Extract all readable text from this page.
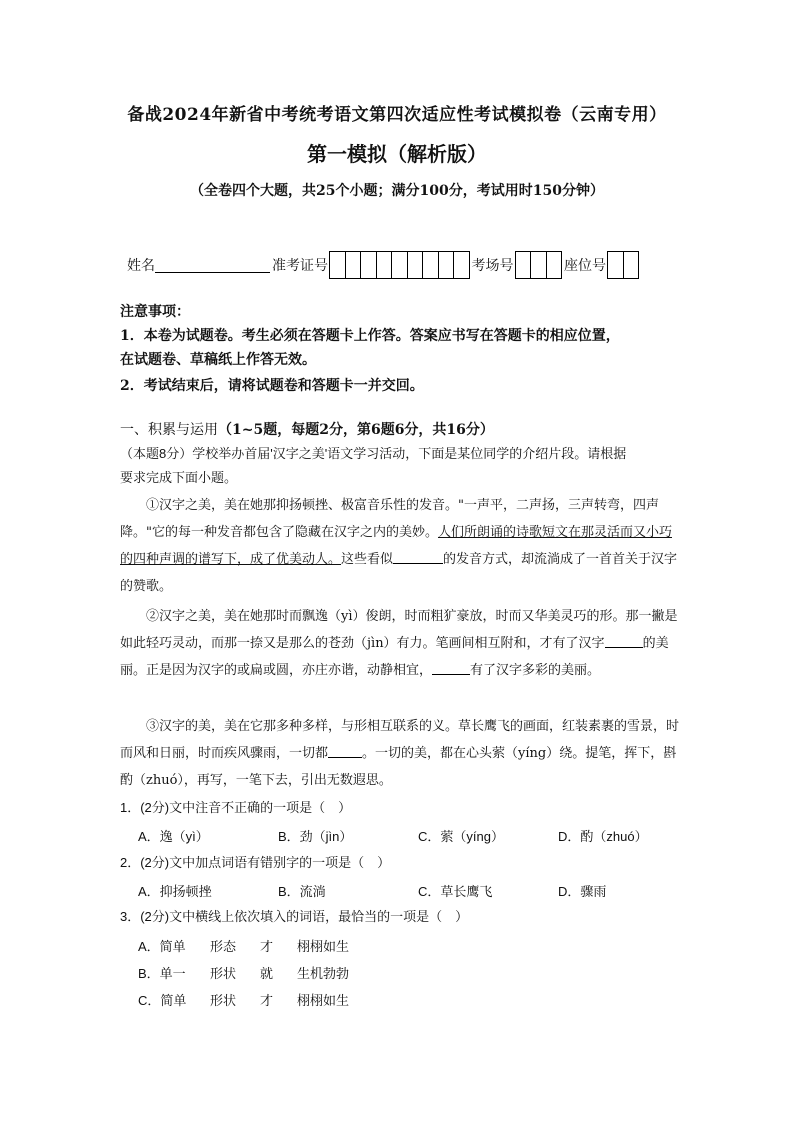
备战2024年新省中考统考语文第四次适应性考试模拟卷（云南专用）
第一模拟（解析版）
（全卷四个大题，共25个小题；满分100分，考试用时150分钟）
姓名	准考证号	考场号	座位号
注意事项：
1．本卷为试题卷。考生必须在答题卡上作答。答案应书写在答题卡的相应位置，
在试题卷、草稿纸上作答无效。
2．考试结束后，请将试题卷和答题卡一并交回。
一、积累与运用（1~5题，每题2分，第6题6分，共16分）
（本题8分）学校举办首届'汉字之美'语文学习活动，下面是某位同学的介绍片段。请根据
要求完成下面小题。
①汉字之美，美在她那抑扬顿挫、极富音乐性的发音。"一声平，二声扬，三声转弯，四声降。"它的每一种发音都包含了隐藏在汉字之内的美妙。人们所朗诵的诗歌短文在那灵活而又小巧的四种声调的谱写下，成了优美动人。这些看似	的发音方式，却流淌成了一首首关于汉字的赞歌。
②汉字之美，美在她那时而飘逸（yì）俊朗，时而粗犷豪放，时而又华美灵巧的形。那一撇是如此轻巧灵动，而那一捺又是那么的苍劲（jìn）有力。笔画间相互附和，才有了汉字	的美丽。正是因为汉字的或扁或圆，亦庄亦谐，动静相宜，	有了汉字多彩的美丽。
③汉字的美，美在它那多种多样，与形相互联系的义。草长鹰飞的画面，红装素裹的雪景，时而风和日丽，时而疾风骤雨，一切都	。一切的美，都在心头萦（yíng）绕。提笔，挥下，斟酌（zhuó），再写，一笔下去，引出无数遐思。
1．(2分)文中注音不正确的一项是（　）
A．逸（yì）	B．劲（jìn）	C．萦（yíng）	D．酌（zhuó）
2．(2分)文中加点词语有错别字的一项是（　）
A．抑扬顿挫	B．流淌	C．草长鹰飞	D．骤雨
3．(2分)文中横线上依次填入的词语，最恰当的一项是（　）
A．简单	形态	才	栩栩如生
B．单一	形状	就	生机勃勃
C．简单	形状	才	栩栩如生
